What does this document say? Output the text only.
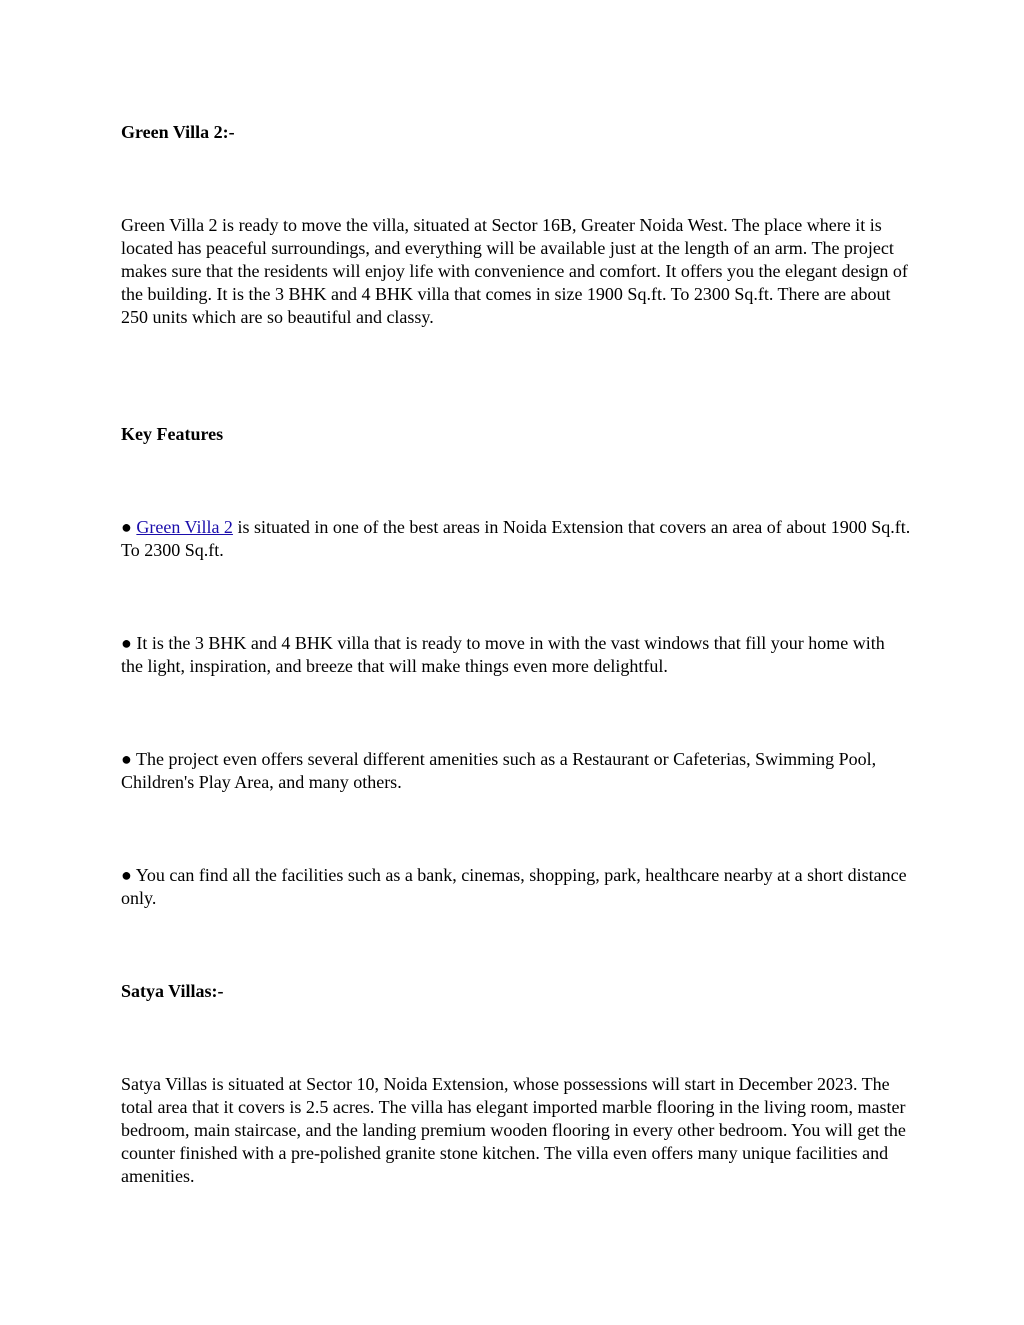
Green Villa 2:-

Green Villa 2 is ready to move the villa, situated at Sector 16B, Greater Noida West. The place where it is located has peaceful surroundings, and everything will be available just at the length of an arm. The project makes sure that the residents will enjoy life with convenience and comfort. It offers you the elegant design of the building. It is the 3 BHK and 4 BHK villa that comes in size 1900 Sq.ft. To 2300 Sq.ft. There are about 250 units which are so beautiful and classy.

Key Features

● Green Villa 2 is situated in one of the best areas in Noida Extension that covers an area of about 1900 Sq.ft. To 2300 Sq.ft.

● It is the 3 BHK and 4 BHK villa that is ready to move in with the vast windows that fill your home with the light, inspiration, and breeze that will make things even more delightful.

● The project even offers several different amenities such as a Restaurant or Cafeterias, Swimming Pool, Children's Play Area, and many others.

● You can find all the facilities such as a bank, cinemas, shopping, park, healthcare nearby at a short distance only.

Satya Villas:-

Satya Villas is situated at Sector 10, Noida Extension, whose possessions will start in December 2023. The total area that it covers is 2.5 acres. The villa has elegant imported marble flooring in the living room, master bedroom, main staircase, and the landing premium wooden flooring in every other bedroom. You will get the counter finished with a pre-polished granite stone kitchen. The villa even offers many unique facilities and amenities.
